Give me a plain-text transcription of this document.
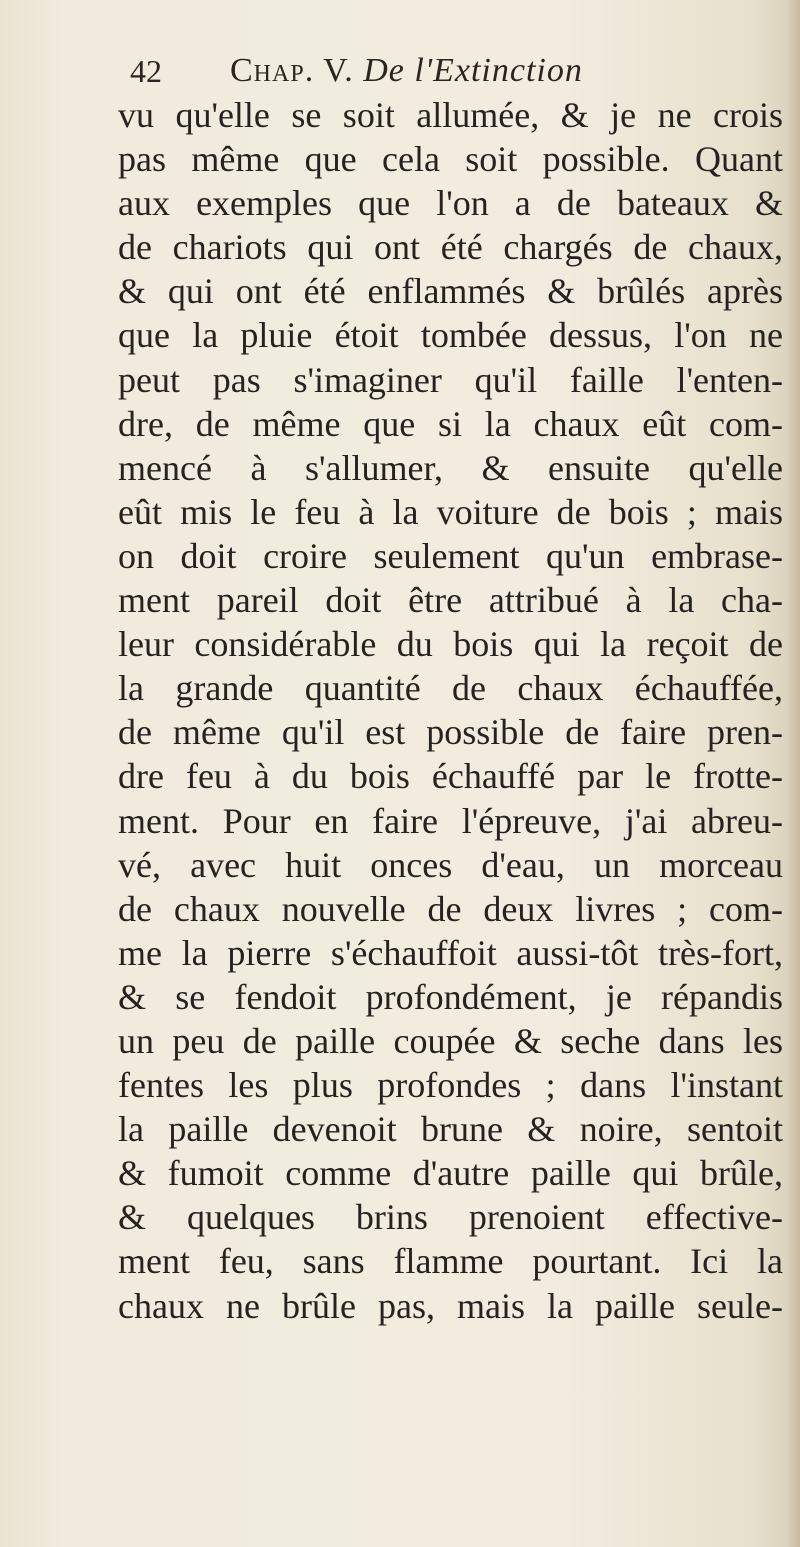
42 Chap. V. De l'Extinction
vu qu'elle se soit allumée, & je ne crois
pas même que cela soit possible. Quant
aux exemples que l'on a de bateaux &
de chariots qui ont été chargés de chaux,
& qui ont été enflammés & brûlés après
que la pluie étoit tombée dessus, l'on ne
peut pas s'imaginer qu'il faille l'enten-
dre, de même que si la chaux eût com-
mencé à s'allumer, & ensuite qu'elle
eût mis le feu à la voiture de bois ; mais
on doit croire seulement qu'un embrase-
ment pareil doit être attribué à la cha-
leur considérable du bois qui la reçoit de
la grande quantité de chaux échauffée,
de même qu'il est possible de faire pren-
dre feu à du bois échauffé par le frotte-
ment. Pour en faire l'épreuve, j'ai abreu-
vé, avec huit onces d'eau, un morceau
de chaux nouvelle de deux livres ; com-
me la pierre s'échauffoit aussi-tôt très-fort,
& se fendoit profondément, je répandis
un peu de paille coupée & seche dans les
fentes les plus profondes ; dans l'instant
la paille devenoit brune & noire, sentoit
& fumoit comme d'autre paille qui brûle,
& quelques brins prenoient effective-
ment feu, sans flamme pourtant. Ici la
chaux ne brûle pas, mais la paille seule-
